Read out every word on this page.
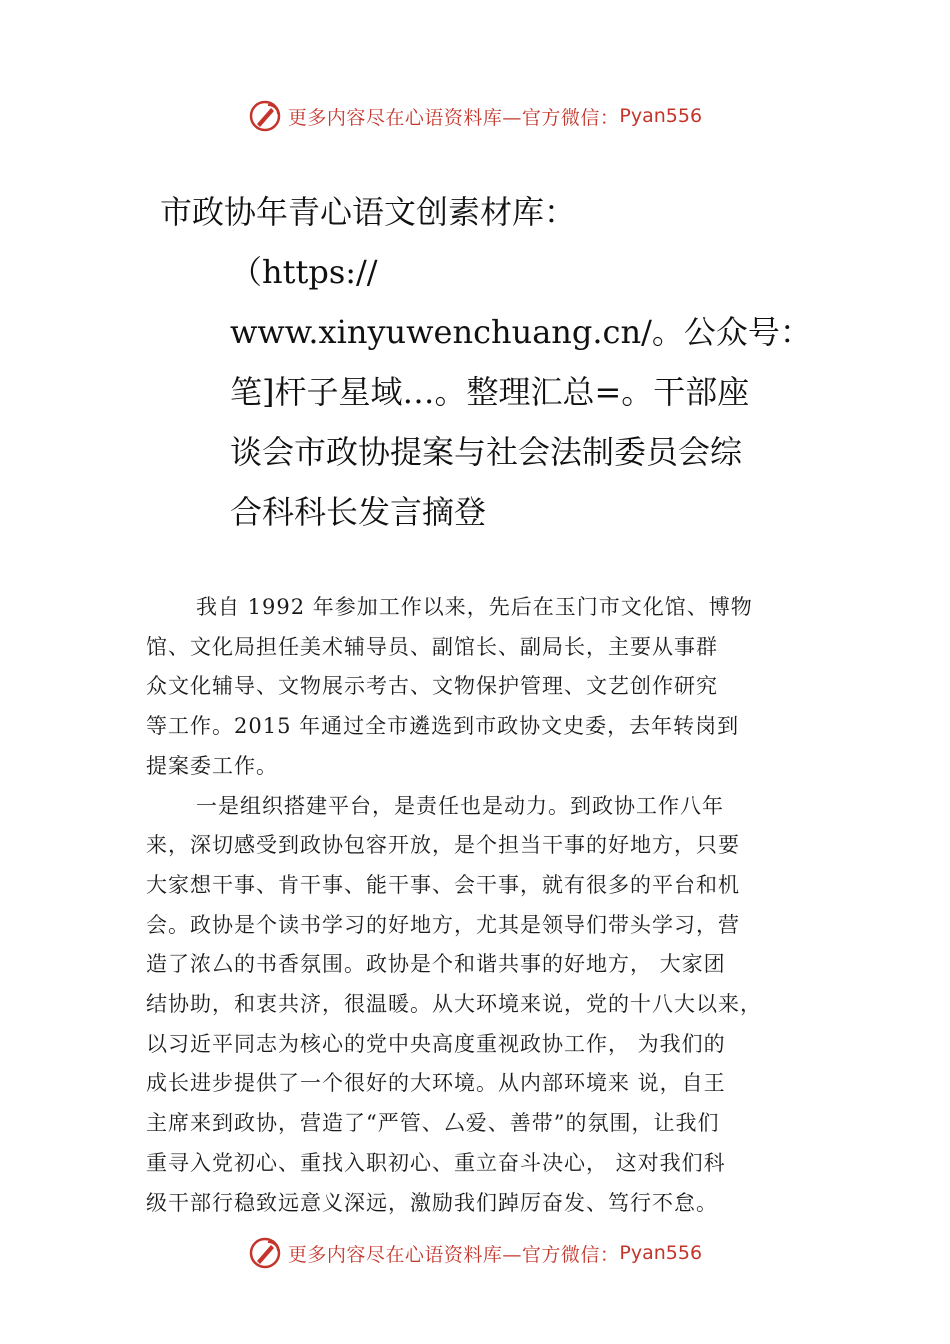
更多内容尽在心语资料库—官方微信： Pyan556
市政协年青心语文创素材库：
（https://
www.xinyuwenchuang.cn/。公众号：
笔]杆子星域…。整理汇总=。干部座
谈会市政协提案与社会法制委员会综
合科科长发言摘登
我自 1992 年参加工作以来，先后在玉门市文化馆、博物
馆、文化局担任美术辅导员、副馆长、副局长，主要从事群
众文化辅导、文物展示考古、文物保护管理、文艺创作研究
等工作。2015 年通过全市遴选到市政协文史委，去年转岗到
提案委工作。
一是组织搭建平台，是责任也是动力。到政协工作八年
来，深切感受到政协包容开放，是个担当干事的好地方，只要
大家想干事、肯干事、能干事、会干事，就有很多的平台和机
会。政协是个读书学习的好地方，尤其是领导们带头学习，营
造了浓厶的书香氛围。政协是个和谐共事的好地方， 大家团
结协助，和衷共济，很温暖。从大环境来说，党的十八大以来，
以习近平同志为核心的党中央高度重视政协工作， 为我们的
成长进步提供了一个很好的大环境。从内部环境来 说，自王
主席来到政协，营造了“严管、厶爱、善带”的氛围，让我们
重寻入党初心、重找入职初心、重立奋斗决心， 这对我们科
级干部行稳致远意义深远，激励我们踔厉奋发、笃行不怠。
更多内容尽在心语资料库—官方微信： Pyan556
